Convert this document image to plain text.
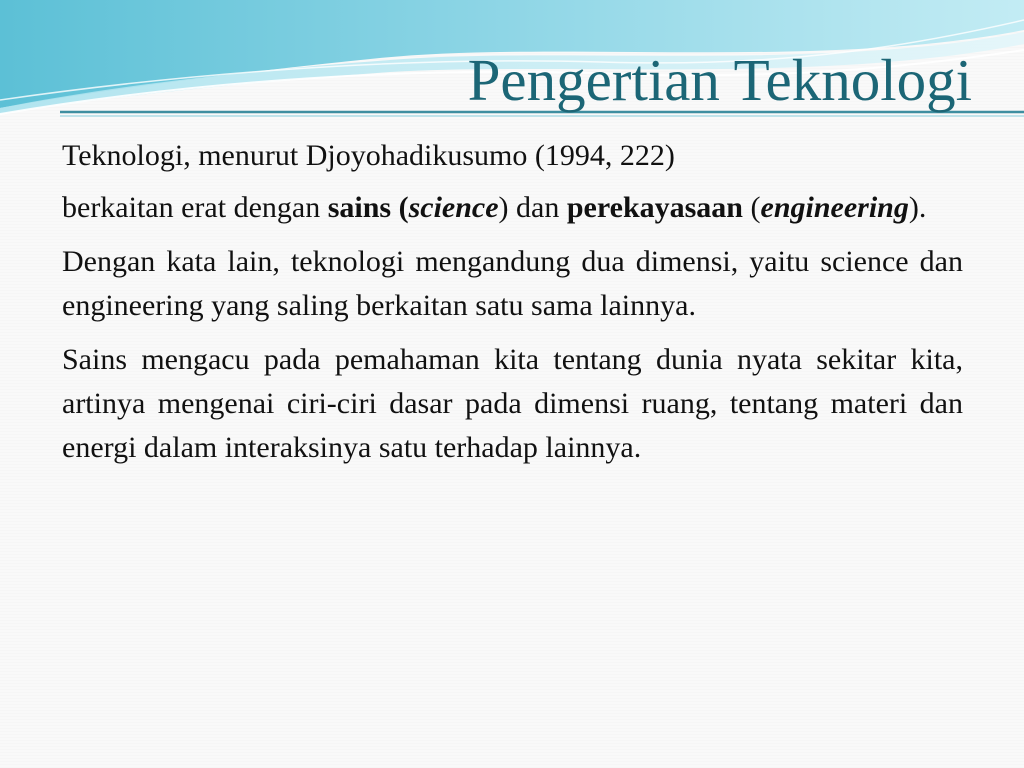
Pengertian Teknologi

Teknologi, menurut Djoyohadikusumo (1994, 222)

berkaitan erat dengan sains (science) dan perekayasaan (engineering).

Dengan kata lain, teknologi mengandung dua dimensi, yaitu science dan engineering yang saling berkaitan satu sama lainnya.

Sains mengacu pada pemahaman kita tentang dunia nyata sekitar kita, artinya mengenai ciri-ciri dasar pada dimensi ruang, tentang materi dan energi dalam interaksinya satu terhadap lainnya.
